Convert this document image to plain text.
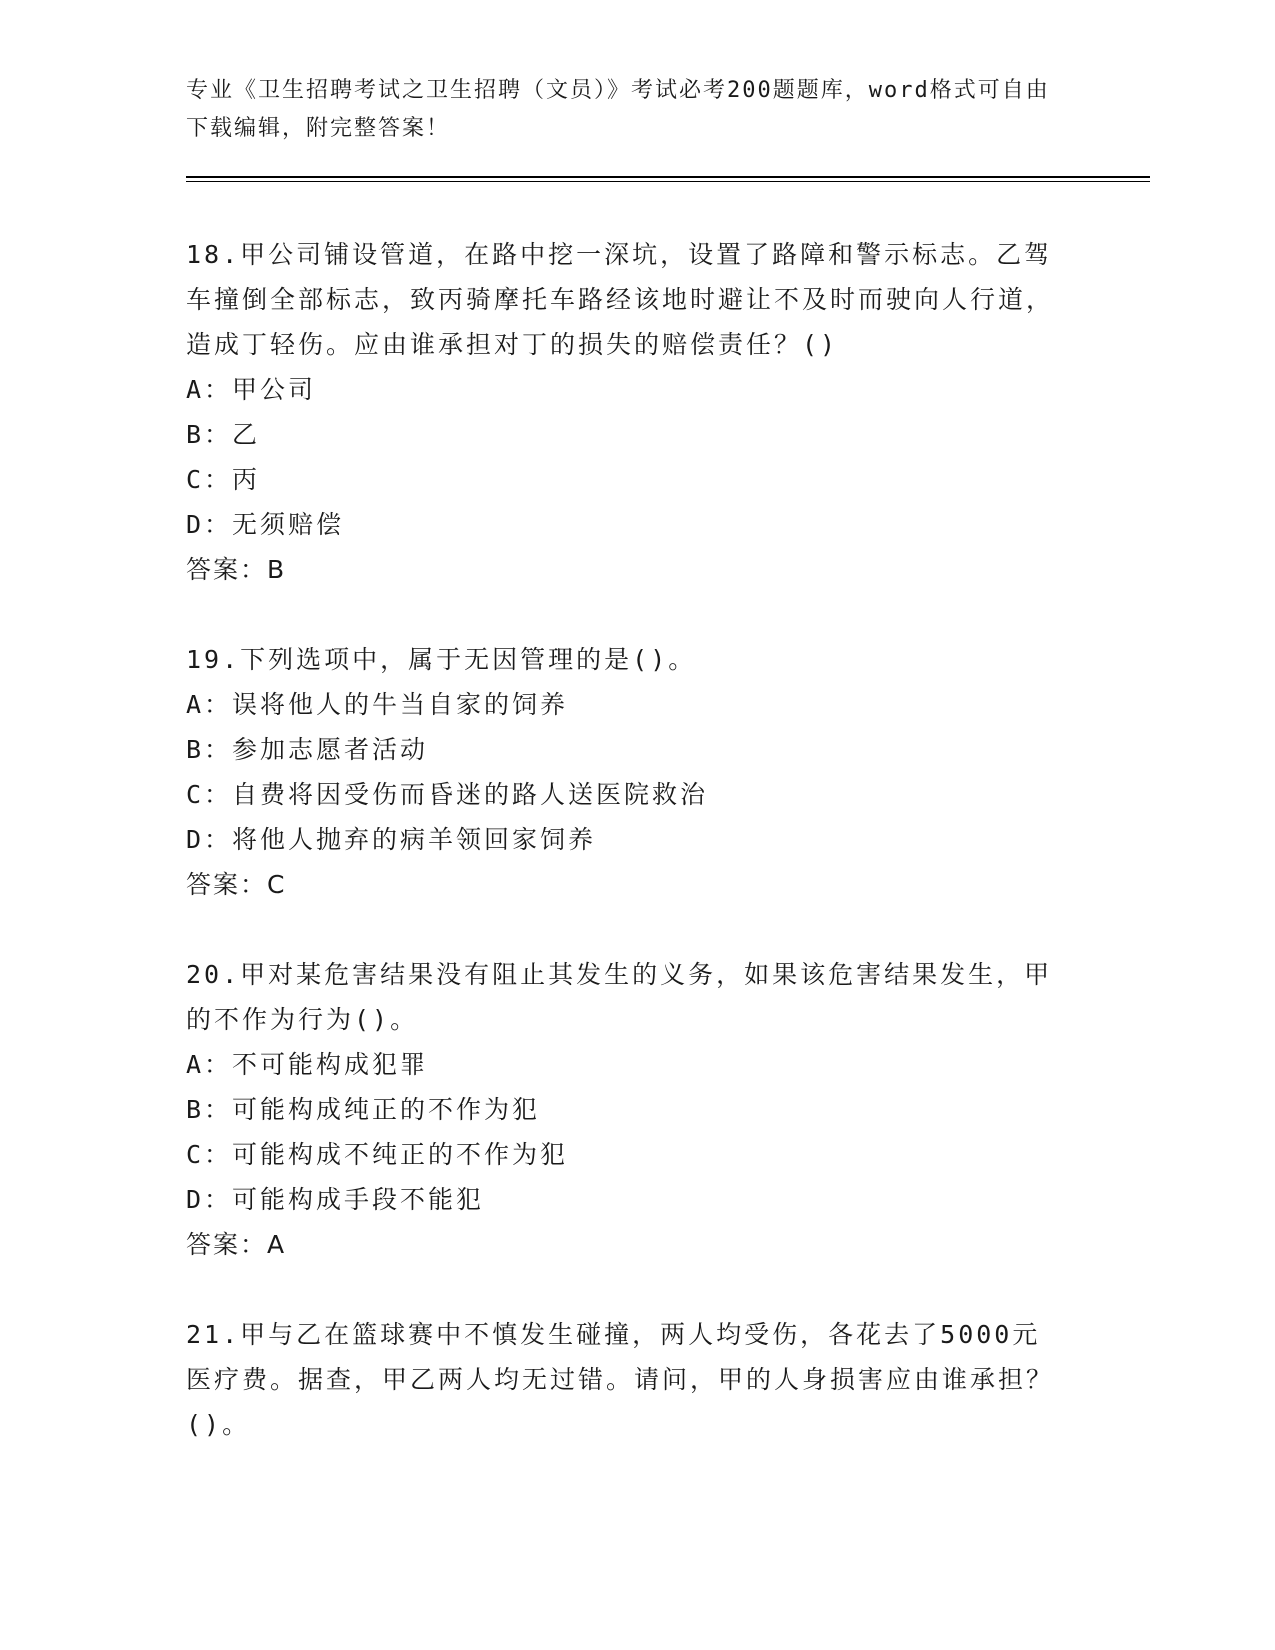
专业《卫生招聘考试之卫生招聘（文员）》考试必考200题题库，word格式可自由下载编辑，附完整答案！
18.甲公司铺设管道，在路中挖一深坑，设置了路障和警示标志。乙驾车撞倒全部标志，致丙骑摩托车路经该地时避让不及时而驶向人行道，造成丁轻伤。应由谁承担对丁的损失的赔偿责任？()
A：甲公司
B：乙
C：丙
D：无须赔偿
答案：B
19.下列选项中，属于无因管理的是()。
A：误将他人的牛当自家的饲养
B：参加志愿者活动
C：自费将因受伤而昏迷的路人送医院救治
D：将他人抛弃的病羊领回家饲养
答案：C
20.甲对某危害结果没有阻止其发生的义务，如果该危害结果发生，甲的不作为行为()。
A：不可能构成犯罪
B：可能构成纯正的不作为犯
C：可能构成不纯正的不作为犯
D：可能构成手段不能犯
答案：A
21.甲与乙在篮球赛中不慎发生碰撞，两人均受伤，各花去了5000元医疗费。据查，甲乙两人均无过错。请问，甲的人身损害应由谁承担？()。
